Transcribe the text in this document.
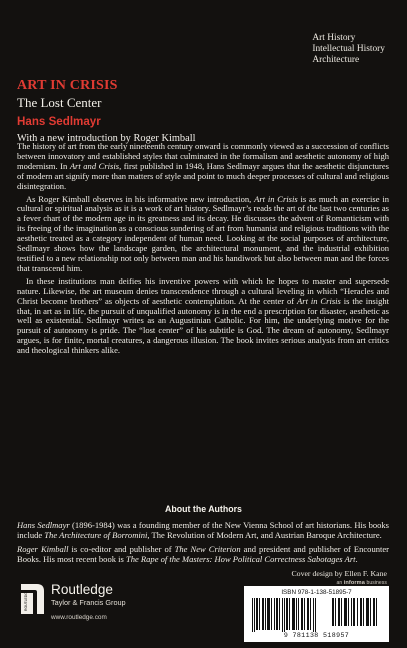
Art History
Intellectual History
Architecture
ART IN CRISIS
The Lost Center
Hans Sedlmayr
With a new introduction by Roger Kimball

The history of art from the early nineteenth century onward is commonly viewed as a succession of conflicts between innovatory and established styles that culminated in the formalism and aesthetic autonomy of high modernism. In Art and Crisis, first published in 1948, Hans Sedlmayr argues that the aesthetic disjunctures of modern art signify more than matters of style and point to much deeper processes of cultural and religious disintegration.

As Roger Kimball observes in his informative new introduction, Art in Crisis is as much an exercise in cultural or spiritual analysis as it is a work of art history. Sedlmayr’s reads the art of the last two centuries as a fever chart of the modern age in its greatness and its decay. He discusses the advent of Romanticism with its freeing of the imagination as a conscious sundering of art from humanist and religious traditions with the aesthetic treated as a category independent of human need. Looking at the social purposes of architecture, Sedlmayr shows how the landscape garden, the architectural monument, and the industrial exhibition testified to a new relationship not only between man and his handiwork but also between man and the forces that transcend him.

In these institutions man deifies his inventive powers with which he hopes to master and supersede nature. Likewise, the art museum denies transcendence through a cultural leveling in which “Heracles and Christ become brothers” as objects of aesthetic contemplation. At the center of Art in Crisis is the insight that, in art as in life, the pursuit of unqualified autonomy is in the end a prescription for disaster, aesthetic as well as existential. Sedlmayr writes as an Augustinian Catholic. For him, the underlying motive for the pursuit of autonomy is pride. The “lost center” of his subtitle is God. The dream of autonomy, Sedlmayr argues, is for finite, mortal creatures, a dangerous illusion. The book invites serious analysis from art critics and theological thinkers alike.

About the Authors

Hans Sedlmayr (1896-1984) was a founding member of the New Vienna School of art historians. His books include The Architecture of Borromini, The Revolution of Modern Art, and Austrian Baroque Architecture.

Roger Kimball is co-editor and publisher of The New Criterion and president and publisher of Encounter Books. His most recent book is The Rape of the Masters: How Political Correctness Sabotages Art.

Cover design by Ellen F. Kane
an informa business
ISBN 978-1-138-51895-7
9 781138 518957
ROUTLEDGE
Routledge
Taylor & Francis Group
www.routledge.com
